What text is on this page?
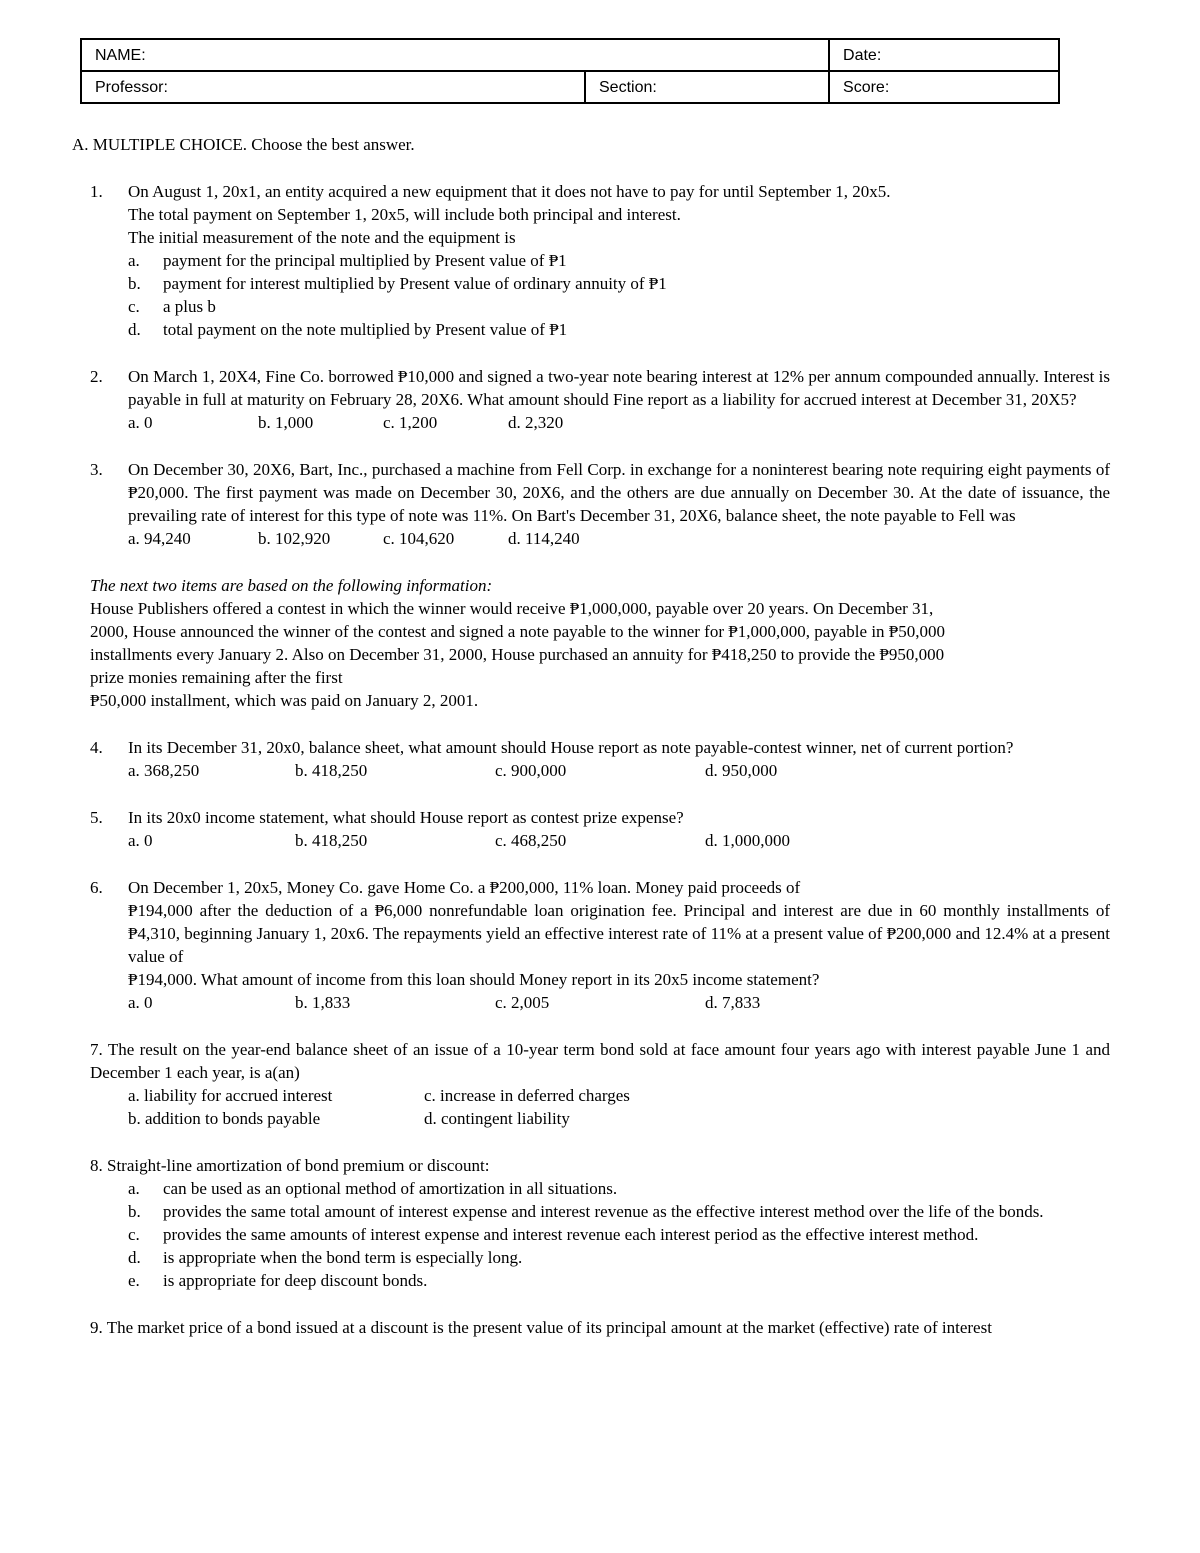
NAME:		Date:
Professor:	Section:	Score:
A. MULTIPLE CHOICE. Choose the best answer.
1. On August 1, 20x1, an entity acquired a new equipment that it does not have to pay for until September 1, 20x5.
The total payment on September 1, 20x5, will include both principal and interest.
The initial measurement of the note and the equipment is
a. payment for the principal multiplied by Present value of ₱1
b. payment for interest multiplied by Present value of ordinary annuity of ₱1
c. a plus b
d. total payment on the note multiplied by Present value of ₱1
2. On March 1, 20X4, Fine Co. borrowed ₱10,000 and signed a two-year note bearing interest at 12% per annum compounded annually. Interest is payable in full at maturity on February 28, 20X6. What amount should Fine report as a liability for accrued interest at December 31, 20X5?
a. 0	b. 1,000	c. 1,200	d. 2,320
3. On December 30, 20X6, Bart, Inc., purchased a machine from Fell Corp. in exchange for a noninterest bearing note requiring eight payments of ₱20,000. The first payment was made on December 30, 20X6, and the others are due annually on December 30. At the date of issuance, the prevailing rate of interest for this type of note was 11%. On Bart's December 31, 20X6, balance sheet, the note payable to Fell was
a. 94,240	b. 102,920	c. 104,620	d. 114,240
The next two items are based on the following information:
House Publishers offered a contest in which the winner would receive ₱1,000,000, payable over 20 years. On December 31,
2000, House announced the winner of the contest and signed a note payable to the winner for ₱1,000,000, payable in ₱50,000
installments every January 2. Also on December 31, 2000, House purchased an annuity for ₱418,250 to provide the ₱950,000
prize monies remaining after the first
₱50,000 installment, which was paid on January 2, 2001.
4. In its December 31, 20x0, balance sheet, what amount should House report as note payable-contest winner, net of current portion?
a. 368,250	b. 418,250	c. 900,000	d. 950,000
5. In its 20x0 income statement, what should House report as contest prize expense?
a. 0	b. 418,250	c. 468,250	d. 1,000,000
6. On December 1, 20x5, Money Co. gave Home Co. a ₱200,000, 11% loan. Money paid proceeds of
₱194,000 after the deduction of a ₱6,000 nonrefundable loan origination fee. Principal and interest are due in 60 monthly installments of ₱4,310, beginning January 1, 20x6. The repayments yield an effective interest rate of 11% at a present value of ₱200,000 and 12.4% at a present value of
₱194,000. What amount of income from this loan should Money report in its 20x5 income statement?
a. 0	b. 1,833	c. 2,005	d. 7,833
7. The result on the year-end balance sheet of an issue of a 10-year term bond sold at face amount four years ago with interest payable June 1 and December 1 each year, is a(an)
a. liability for accrued interest	c. increase in deferred charges
b. addition to bonds payable	d. contingent liability
8. Straight-line amortization of bond premium or discount:
a. can be used as an optional method of amortization in all situations.
b. provides the same total amount of interest expense and interest revenue as the effective interest method over the life of the bonds.
c. provides the same amounts of interest expense and interest revenue each interest period as the effective interest method.
d. is appropriate when the bond term is especially long.
e. is appropriate for deep discount bonds.
9. The market price of a bond issued at a discount is the present value of its principal amount at the market (effective) rate of interest
